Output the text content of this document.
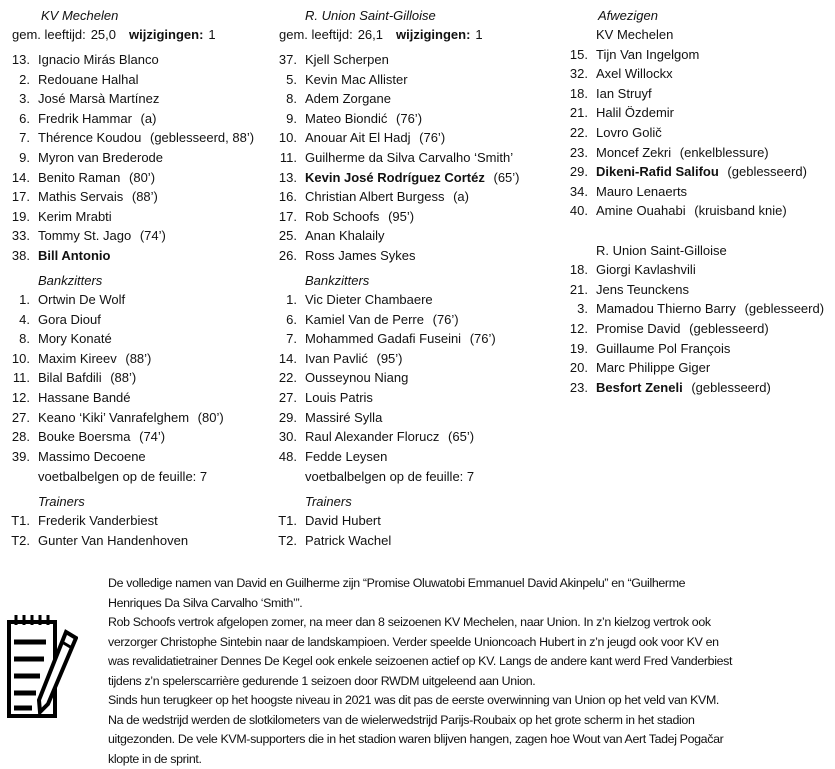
KV Mechelen
gem. leeftijd: 25,0 wijzigingen: 1
13. Ignacio Mirás Blanco
2. Redouane Halhal
3. José Marsà Martínez
6. Fredrik Hammar (a)
7. Thérence Koudou (geblesseerd, 88’)
9. Myron van Brederode
14. Benito Raman (80’)
17. Mathis Servais (88’)
19. Kerim Mrabti
33. Tommy St. Jago (74’)
38. Bill Antonio
Bankzitters
1. Ortwin De Wolf
4. Gora Diouf
8. Mory Konaté
10. Maxim Kireev (88’)
11. Bilal Bafdili (88’)
12. Hassane Bandé
27. Keano ‘Kiki’ Vanrafelghem (80’)
28. Bouke Boersma (74’)
39. Massimo Decoene
voetbalbelgen op de feuille: 7
Trainers
T1. Frederik Vanderbiest
T2. Gunter Van Handenhoven
R. Union Saint-Gilloise
gem. leeftijd: 26,1 wijzigingen: 1
37. Kjell Scherpen
5. Kevin Mac Allister
8. Adem Zorgane
9. Mateo Biondić (76’)
10. Anouar Ait El Hadj (76’)
11. Guilherme da Silva Carvalho ‘Smith’
13. Kevin José Rodríguez Cortéz (65’)
16. Christian Albert Burgess (a)
17. Rob Schoofs (95’)
25. Anan Khalaily
26. Ross James Sykes
Bankzitters
1. Vic Dieter Chambaere
6. Kamiel Van de Perre (76’)
7. Mohammed Gadafi Fuseini (76’)
14. Ivan Pavlić (95’)
22. Ousseynou Niang
27. Louis Patris
29. Massiré Sylla
30. Raul Alexander Florucz (65’)
48. Fedde Leysen
voetbalbelgen op de feuille: 7
Trainers
T1. David Hubert
T2. Patrick Wachel
Afwezigen
KV Mechelen
15. Tijn Van Ingelgom
32. Axel Willockx
18. Ian Struyf
21. Halil Özdemir
22. Lovro Golič
23. Moncef Zekri (enkelblessure)
29. Dikeni-Rafid Salifou (geblesseerd)
34. Mauro Lenaerts
40. Amine Ouahabi (kruisband knie)
R. Union Saint-Gilloise
18. Giorgi Kavlashvili
21. Jens Teunckens
3. Mamadou Thierno Barry (geblesseerd)
12. Promise David (geblesseerd)
19. Guillaume Pol François
20. Marc Philippe Giger
23. Besfort Zeneli (geblesseerd)
De volledige namen van David en Guilherme zijn “Promise Oluwatobi Emmanuel David Akinpelu” en “Guilherme
Henriques Da Silva Carvalho ‘Smith’”.
Rob Schoofs vertrok afgelopen zomer, na meer dan 8 seizoenen KV Mechelen, naar Union. In z’n kielzog vertrok ook
verzorger Christophe Sintebin naar de landskampioen. Verder speelde Unioncoach Hubert in z’n jeugd ook voor KV en
was revalidatietrainer Dennes De Kegel ook enkele seizoenen actief op KV. Langs de andere kant werd Fred Vanderbiest
tijdens z’n spelerscarrière gedurende 1 seizoen door RWDM uitgeleend aan Union.
Sinds hun terugkeer op het hoogste niveau in 2021 was dit pas de eerste overwinning van Union op het veld van KVM.
Na de wedstrijd werden de slotkilometers van de wielerwedstrijd Parijs-Roubaix op het grote scherm in het stadion
uitgezonden. De vele KVM-supporters die in het stadion waren blijven hangen, zagen hoe Wout van Aert Tadej Pogačar
klopte in de sprint.
